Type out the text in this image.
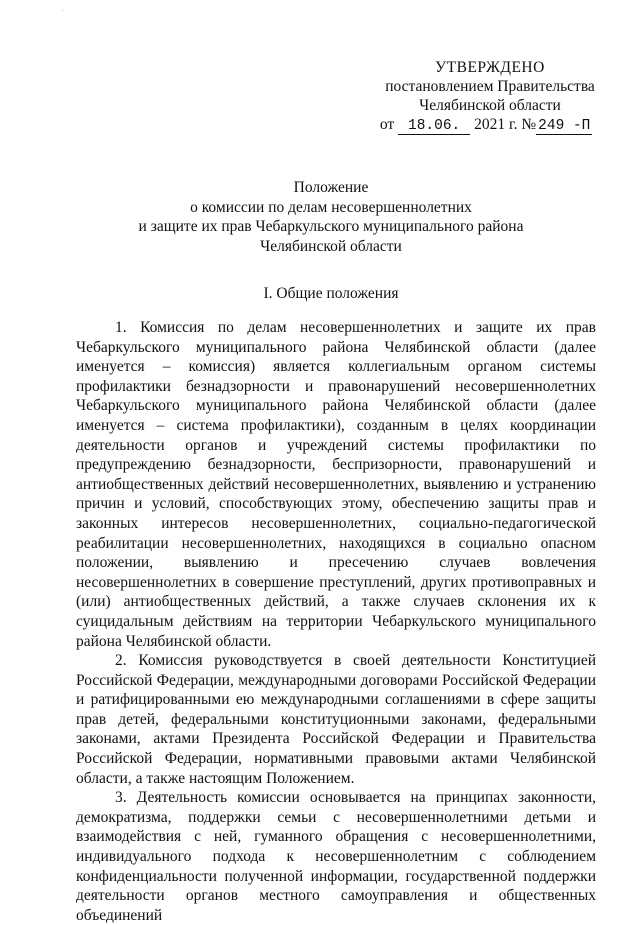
·
УТВЕРЖДЕНО
постановлением Правительства
Челябинской области
от 18.06. 2021 г. № 249 -П
Положение
о комиссии по делам несовершеннолетних
и защите их прав Чебаркульского муниципального района
Челябинской области
I. Общие положения

1. Комиссия по делам несовершеннолетних и защите их прав Чебаркульского муниципального района Челябинской области (далее именуется – комиссия) является коллегиальным органом системы профилактики безнадзорности и правонарушений несовершеннолетних Чебаркульского муниципального района Челябинской области (далее именуется – система профилактики), созданным в целях координации деятельности органов и учреждений системы профилактики по предупреждению безнадзорности, беспризорности, правонарушений и антиобщественных действий несовершеннолетних, выявлению и устранению причин и условий, способствующих этому, обеспечению защиты прав и законных интересов несовершеннолетних, социально-педагогической реабилитации несовершеннолетних, находящихся в социально опасном положении, выявлению и пресечению случаев вовлечения несовершеннолетних в совершение преступлений, других противоправных и (или) антиобщественных действий, а также случаев склонения их к суицидальным действиям на территории Чебаркульского муниципального района Челябинской области.

2. Комиссия руководствуется в своей деятельности Конституцией Российской Федерации, международными договорами Российской Федерации и ратифицированными ею международными соглашениями в сфере защиты прав детей, федеральными конституционными законами, федеральными законами, актами Президента Российской Федерации и Правительства Российской Федерации, нормативными правовыми актами Челябинской области, а также настоящим Положением.

3. Деятельность комиссии основывается на принципах законности, демократизма, поддержки семьи с несовершеннолетними детьми и взаимодействия с ней, гуманного обращения с несовершеннолетними, индивидуального подхода к несовершеннолетним с соблюдением конфиденциальности полученной информации, государственной поддержки деятельности органов местного самоуправления и общественных объединений
